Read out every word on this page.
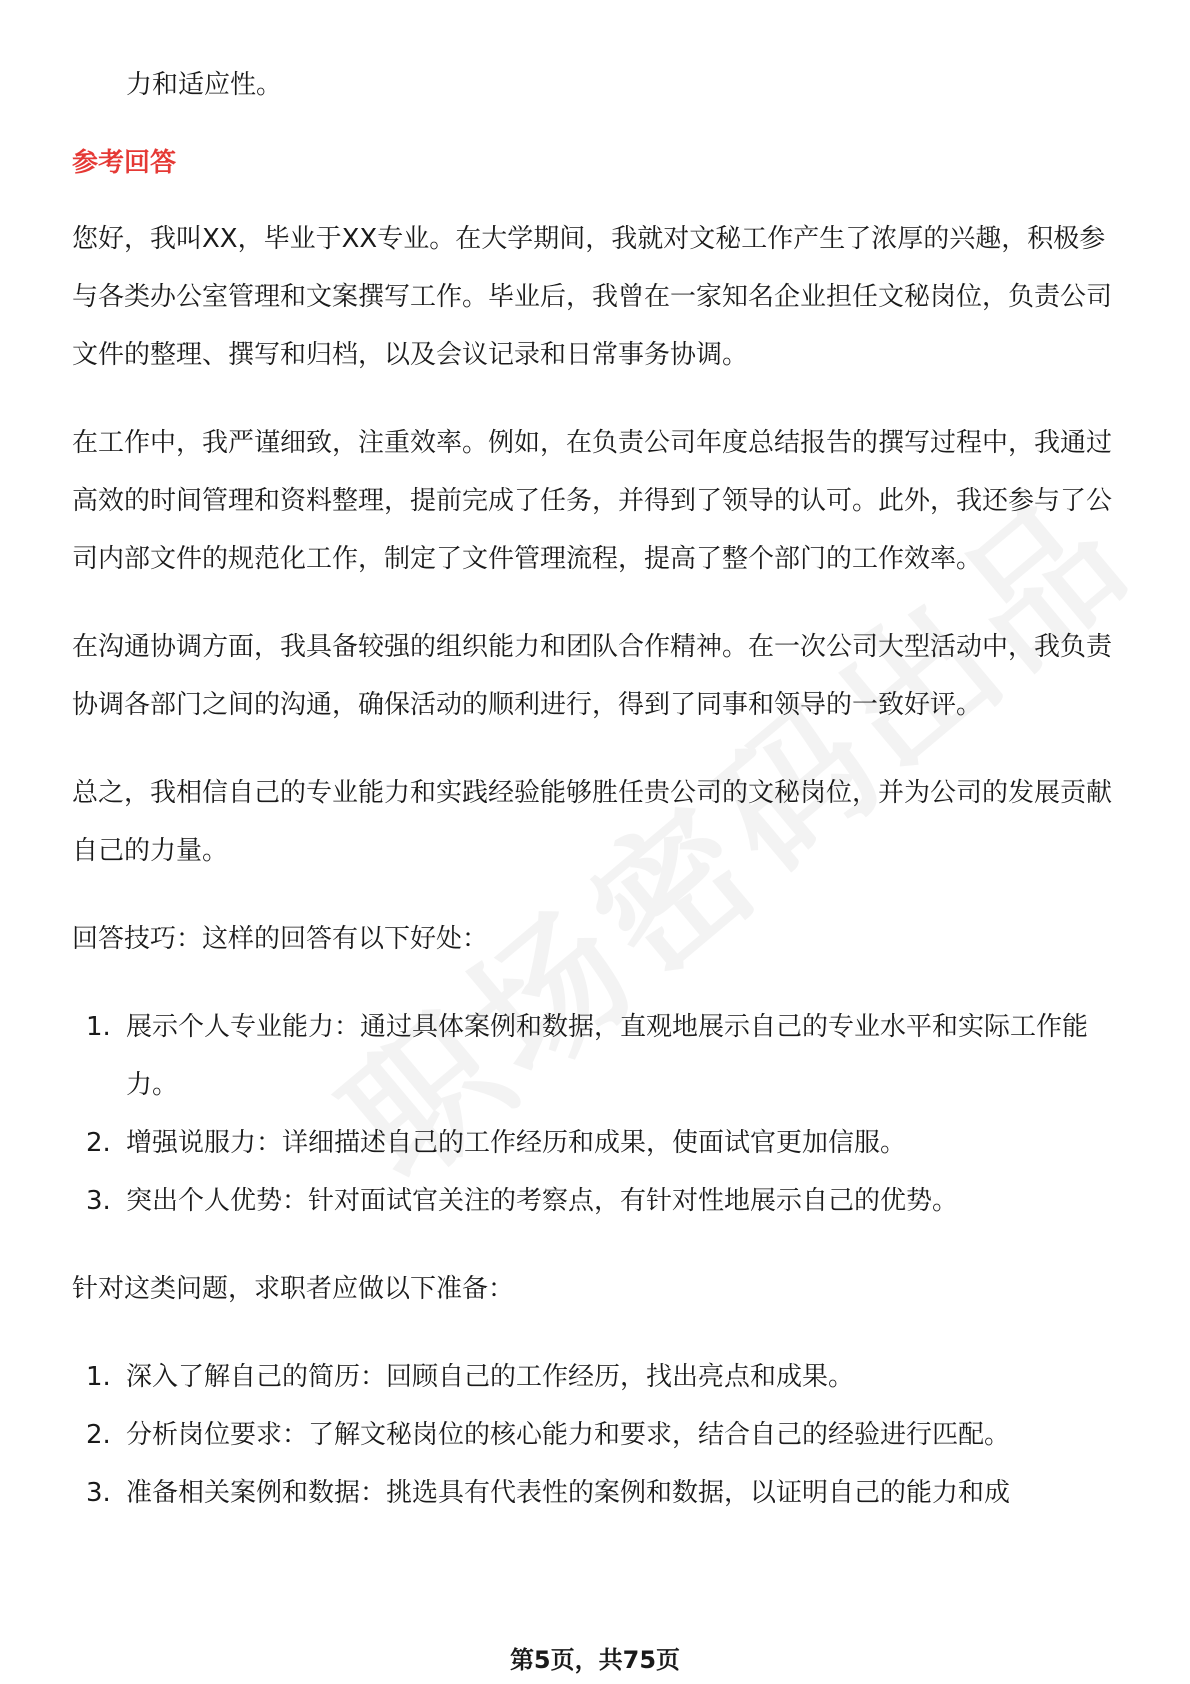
力和适应性。

参考回答

您好，我叫XX，毕业于XX专业。在大学期间，我就对文秘工作产生了浓厚的兴趣，积极参与各类办公室管理和文案撰写工作。毕业后，我曾在一家知名企业担任文秘岗位，负责公司文件的整理、撰写和归档，以及会议记录和日常事务协调。

在工作中，我严谨细致，注重效率。例如，在负责公司年度总结报告的撰写过程中，我通过高效的时间管理和资料整理，提前完成了任务，并得到了领导的认可。此外，我还参与了公司内部文件的规范化工作，制定了文件管理流程，提高了整个部门的工作效率。

在沟通协调方面，我具备较强的组织能力和团队合作精神。在一次公司大型活动中，我负责协调各部门之间的沟通，确保活动的顺利进行，得到了同事和领导的一致好评。

总之，我相信自己的专业能力和实践经验能够胜任贵公司的文秘岗位，并为公司的发展贡献自己的力量。

回答技巧：这样的回答有以下好处：

1. 展示个人专业能力：通过具体案例和数据，直观地展示自己的专业水平和实际工作能力。
2. 增强说服力：详细描述自己的工作经历和成果，使面试官更加信服。
3. 突出个人优势：针对面试官关注的考察点，有针对性地展示自己的优势。

针对这类问题，求职者应做以下准备：

1. 深入了解自己的简历：回顾自己的工作经历，找出亮点和成果。
2. 分析岗位要求：了解文秘岗位的核心能力和要求，结合自己的经验进行匹配。
3. 准备相关案例和数据：挑选具有代表性的案例和数据，以证明自己的能力和成
第5页，共75页
